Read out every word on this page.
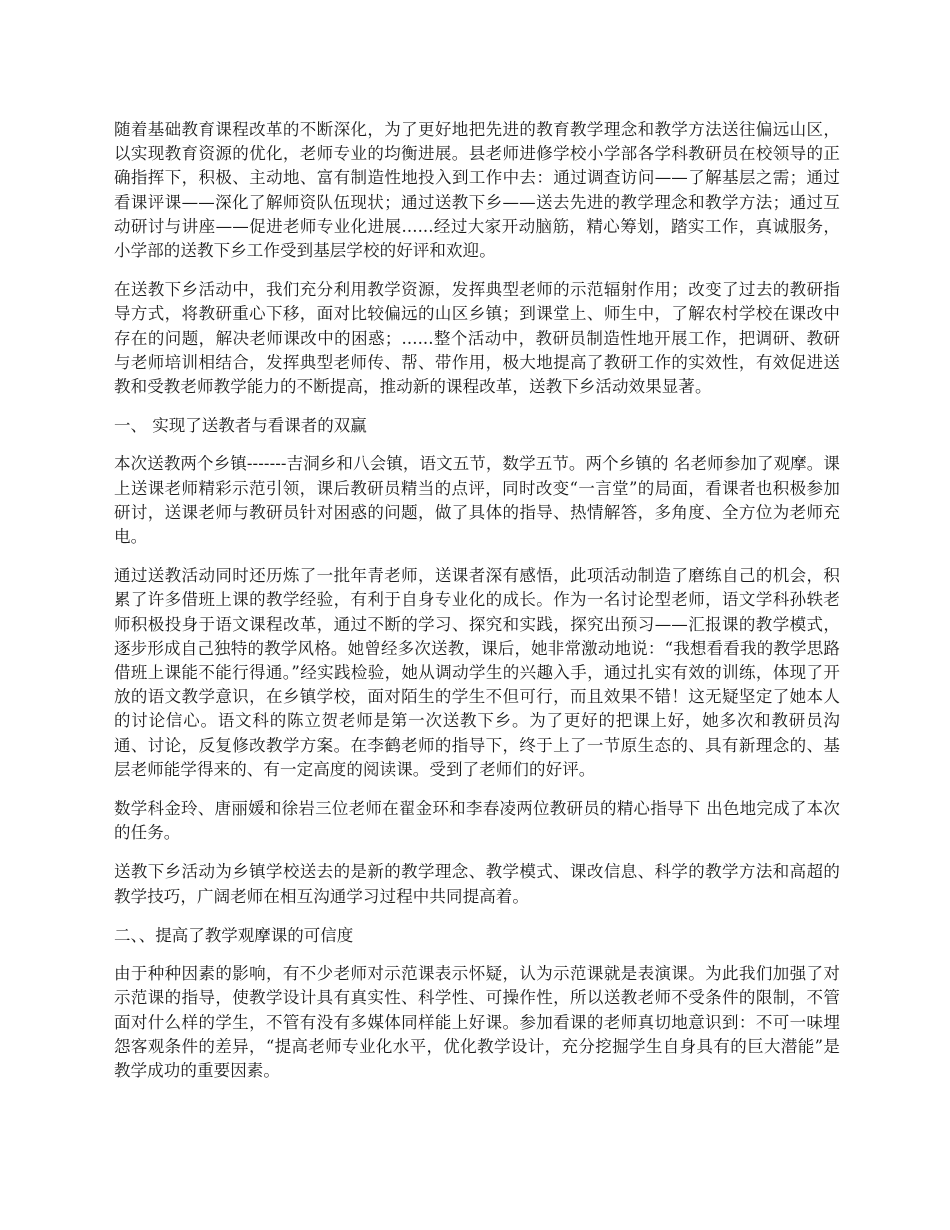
随着基础教育课程改革的不断深化，为了更好地把先进的教育教学理念和教学方法送往偏远山区，以实现教育资源的优化，老师专业的均衡进展。县老师进修学校小学部各学科教研员在校领导的正确指挥下，积极、主动地、富有制造性地投入到工作中去：通过调查访问——了解基层之需；通过看课评课——深化了解师资队伍现状；通过送教下乡——送去先进的教学理念和教学方法；通过互动研讨与讲座——促进老师专业化进展......经过大家开动脑筋，精心筹划，踏实工作，真诚服务，小学部的送教下乡工作受到基层学校的好评和欢迎。

在送教下乡活动中，我们充分利用教学资源，发挥典型老师的示范辐射作用；改变了过去的教研指导方式，将教研重心下移，面对比较偏远的山区乡镇；到课堂上、师生中，了解农村学校在课改中存在的问题，解决老师课改中的困惑；......整个活动中，教研员制造性地开展工作，把调研、教研与老师培训相结合，发挥典型老师传、帮、带作用，极大地提高了教研工作的实效性，有效促进送教和受教老师教学能力的不断提高，推动新的课程改革，送教下乡活动效果显著。

一、 实现了送教者与看课者的双赢

本次送教两个乡镇-------吉洞乡和八会镇，语文五节，数学五节。两个乡镇的 名老师参加了观摩。课上送课老师精彩示范引领，课后教研员精当的点评，同时改变“一言堂”的局面，看课者也积极参加研讨，送课老师与教研员针对困惑的问题，做了具体的指导、热情解答，多角度、全方位为老师充电。

通过送教活动同时还历炼了一批年青老师，送课者深有感悟，此项活动制造了磨练自己的机会，积累了许多借班上课的教学经验，有利于自身专业化的成长。作为一名讨论型老师，语文学科孙轶老师积极投身于语文课程改革，通过不断的学习、探究和实践，探究出预习——汇报课的教学模式，逐步形成自己独特的教学风格。她曾经多次送教，课后，她非常激动地说：“我想看看我的教学思路借班上课能不能行得通。”经实践检验，她从调动学生的兴趣入手，通过扎实有效的训练，体现了开放的语文教学意识，在乡镇学校，面对陌生的学生不但可行，而且效果不错！这无疑坚定了她本人的讨论信心。语文科的陈立贺老师是第一次送教下乡。为了更好的把课上好，她多次和教研员沟通、讨论，反复修改教学方案。在李鹤老师的指导下，终于上了一节原生态的、具有新理念的、基层老师能学得来的、有一定高度的阅读课。受到了老师们的好评。

数学科金玲、唐丽媛和徐岩三位老师在翟金环和李春凌两位教研员的精心指导下 出色地完成了本次的任务。

送教下乡活动为乡镇学校送去的是新的教学理念、教学模式、课改信息、科学的教学方法和高超的教学技巧，广阔老师在相互沟通学习过程中共同提高着。

二、、提高了教学观摩课的可信度

由于种种因素的影响，有不少老师对示范课表示怀疑，认为示范课就是表演课。为此我们加强了对示范课的指导，使教学设计具有真实性、科学性、可操作性，所以送教老师不受条件的限制，不管面对什么样的学生，不管有没有多媒体同样能上好课。参加看课的老师真切地意识到：不可一味埋怨客观条件的差异，“提高老师专业化水平，优化教学设计，充分挖掘学生自身具有的巨大潜能”是教学成功的重要因素。
